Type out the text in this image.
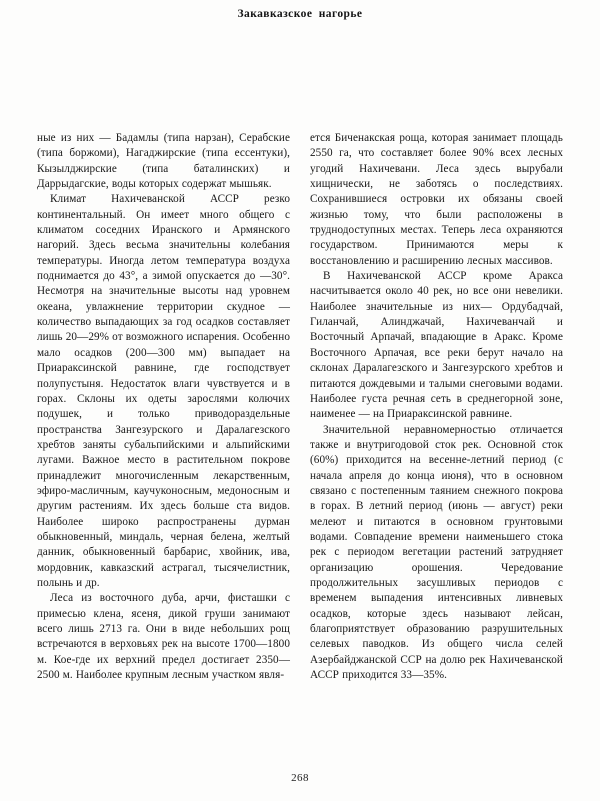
Закавказское нагорье

ные из них — Бадамлы (типа нарзан), Серабские (типа боржоми), Нагаджирские (типа ессентуки), Кызылджирские (типа баталинских) и Даррыдагские, воды которых содержат мышьяк.

Климат Нахичеванской АССР резко континентальный. Он имеет много общего с климатом соседних Иранского и Армянского нагорий. Здесь весьма значительны колебания температуры. Иногда летом температура воздуха поднимается до 43°, а зимой опускается до —30°. Несмотря на значительные высоты над уровнем океана, увлажнение территории скудное — количество выпадающих за год осадков составляет лишь 20—29% от возможного испарения. Особенно мало осадков (200—300 мм) выпадает на Приараксинской равнине, где господствует полупустыня. Недостаток влаги чувствуется и в горах. Склоны их одеты зарослями колючих подушек, и только приводораздельные пространства Зангезурского и Даралагезского хребтов заняты субальпийскими и альпийскими лугами. Важное место в растительном покрове принадлежит многочисленным лекарственным, эфиро-масличным, каучуконосным, медоносным и другим растениям. Их здесь больше ста видов. Наиболее широко распространены дурман обыкновенный, миндаль, черная белена, желтый данник, обыкновенный барбарис, хвойник, ива, мордовник, кавказский астрагал, тысячелистник, полынь и др.

Леса из восточного дуба, арчи, фисташки с примесью клена, ясеня, дикой груши занимают всего лишь 2713 га. Они в виде небольших рощ встречаются в верховьях рек на высоте 1700—1800 м. Кое-где их верхний предел достигает 2350—2500 м. Наиболее крупным лесным участком явля-

ется Биченакская роща, которая занимает площадь 2550 га, что составляет более 90% всех лесных угодий Нахичевани. Леса здесь вырубали хищнически, не заботясь о последствиях. Сохранившиеся островки их обязаны своей жизнью тому, что были расположены в труднодоступных местах. Теперь леса охраняются государством. Принимаются меры к восстановлению и расширению лесных массивов.

В Нахичеванской АССР кроме Аракса насчитывается около 40 рек, но все они невелики. Наиболее значительные из них— Ордубадчай, Гиланчай, Алинджачай, Нахичеванчай и Восточный Арпачай, впадающие в Аракс. Кроме Восточного Арпачая, все реки берут начало на склонах Даралагезского и Зангезурского хребтов и питаются дождевыми и талыми снеговыми водами. Наиболее густа речная сеть в среднегорной зоне, наименее — на Приараксинской равнине.

Значительной неравномерностью отличается также и внутригодовой сток рек. Основной сток (60%) приходится на весенне-летний период (с начала апреля до конца июня), что в основном связано с постепенным таянием снежного покрова в горах. В летний период (июнь — август) реки мелеют и питаются в основном грунтовыми водами. Совпадение времени наименьшего стока рек с периодом вегетации растений затрудняет организацию орошения. Чередование продолжительных засушливых периодов с временем выпадения интенсивных ливневых осадков, которые здесь называют лейсан, благоприятствует образованию разрушительных селевых паводков. Из общего числа селей Азербайджанской ССР на долю рек Нахичеванской АССР приходится 33—35%.

268
